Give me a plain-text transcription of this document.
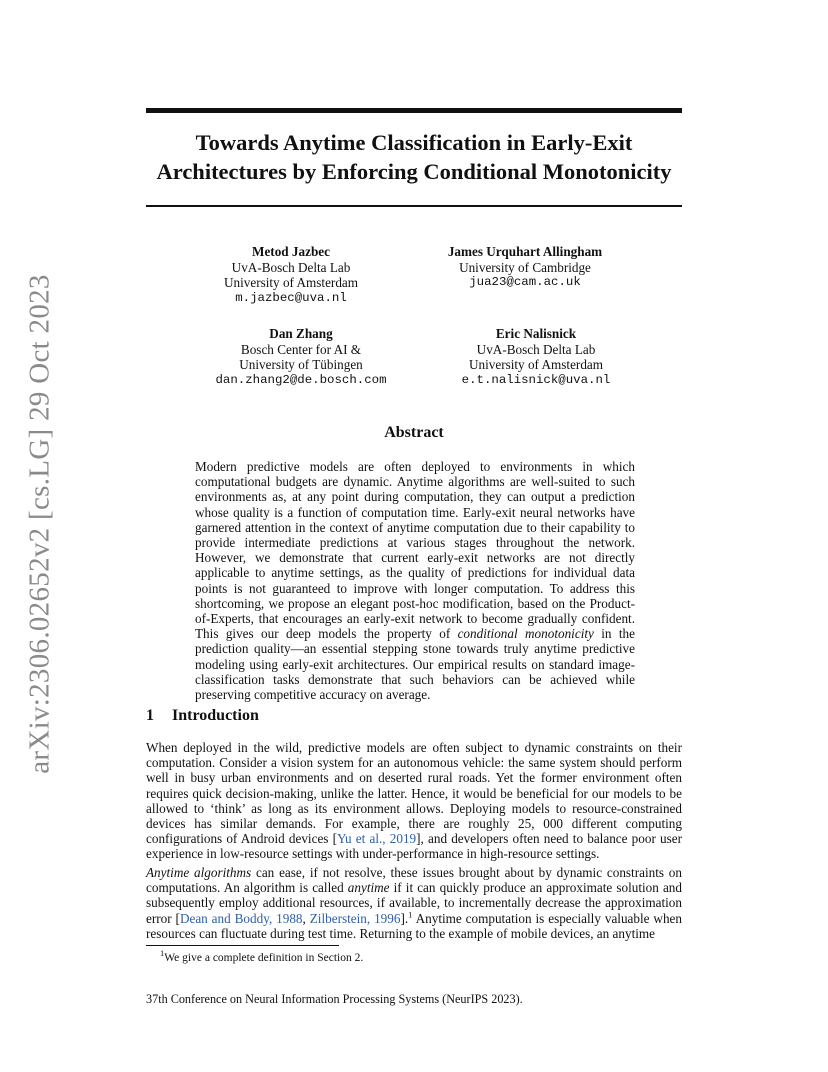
arXiv:2306.02652v2 [cs.LG] 29 Oct 2023
Towards Anytime Classification in Early-Exit Architectures by Enforcing Conditional Monotonicity
Metod Jazbec
UvA-Bosch Delta Lab
University of Amsterdam
m.jazbec@uva.nl
James Urquhart Allingham
University of Cambridge
jua23@cam.ac.uk
Dan Zhang
Bosch Center for AI &
University of Tübingen
dan.zhang2@de.bosch.com
Eric Nalisnick
UvA-Bosch Delta Lab
University of Amsterdam
e.t.nalisnick@uva.nl
Abstract
Modern predictive models are often deployed to environments in which computational budgets are dynamic. Anytime algorithms are well-suited to such environments as, at any point during computation, they can output a prediction whose quality is a function of computation time. Early-exit neural networks have garnered attention in the context of anytime computation due to their capability to provide intermediate predictions at various stages throughout the network. However, we demonstrate that current early-exit networks are not directly applicable to anytime settings, as the quality of predictions for individual data points is not guaranteed to improve with longer computation. To address this shortcoming, we propose an elegant post-hoc modification, based on the Product-of-Experts, that encourages an early-exit network to become gradually confident. This gives our deep models the property of conditional monotonicity in the prediction quality—an essential stepping stone towards truly anytime predictive modeling using early-exit architectures. Our empirical results on standard image-classification tasks demonstrate that such behaviors can be achieved while preserving competitive accuracy on average.
1 Introduction
When deployed in the wild, predictive models are often subject to dynamic constraints on their computation. Consider a vision system for an autonomous vehicle: the same system should perform well in busy urban environments and on deserted rural roads. Yet the former environment often requires quick decision-making, unlike the latter. Hence, it would be beneficial for our models to be allowed to ‘think’ as long as its environment allows. Deploying models to resource-constrained devices has similar demands. For example, there are roughly 25, 000 different computing configurations of Android devices [Yu et al., 2019], and developers often need to balance poor user experience in low-resource settings with under-performance in high-resource settings.
Anytime algorithms can ease, if not resolve, these issues brought about by dynamic constraints on computations. An algorithm is called anytime if it can quickly produce an approximate solution and subsequently employ additional resources, if available, to incrementally decrease the approximation error [Dean and Boddy, 1988, Zilberstein, 1996].$^1$ Anytime computation is especially valuable when resources can fluctuate during test time. Returning to the example of mobile devices, an anytime
$^1$We give a complete definition in Section 2.
37th Conference on Neural Information Processing Systems (NeurIPS 2023).
